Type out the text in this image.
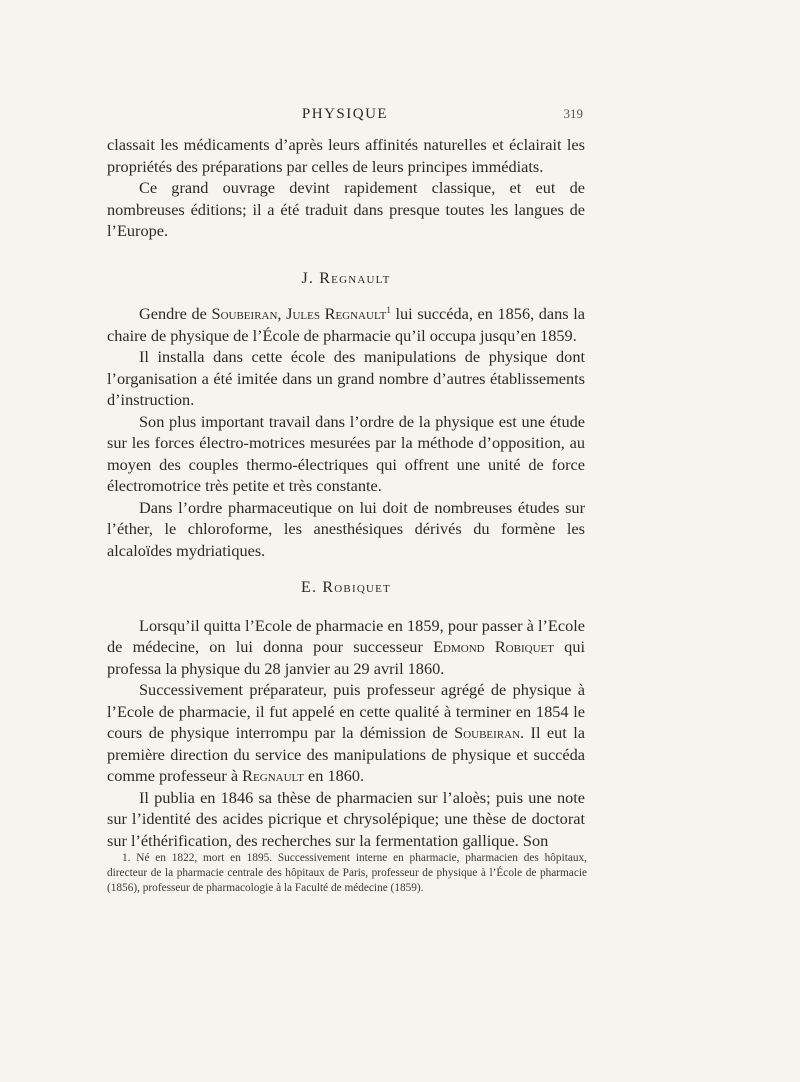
PHYSIQUE	319

classait les médicaments d’après leurs affinités naturelles et éclairait les propriétés des préparations par celles de leurs principes immédiats.

Ce grand ouvrage devint rapidement classique, et eut de nombreuses éditions; il a été traduit dans presque toutes les langues de l’Europe.

J. Regnault

Gendre de Soubeiran, Jules Regnault$^1$ lui succéda, en 1856, dans la chaire de physique de l’École de pharmacie qu’il occupa jusqu’en 1859.

Il installa dans cette école des manipulations de physique dont l’organisation a été imitée dans un grand nombre d’autres établissements d’instruction.

Son plus important travail dans l’ordre de la physique est une étude sur les forces électro-motrices mesurées par la méthode d’opposition, au moyen des couples thermo-électriques qui offrent une unité de force électromotrice très petite et très constante.

Dans l’ordre pharmaceutique on lui doit de nombreuses études sur l’éther, le chloroforme, les anesthésiques dérivés du formène les alcaloïdes mydriatiques.

E. Robiquet

Lorsqu’il quitta l’Ecole de pharmacie en 1859, pour passer à l’Ecole de médecine, on lui donna pour successeur Edmond Robiquet qui professa la physique du 28 janvier au 29 avril 1860.

Successivement préparateur, puis professeur agrégé de physique à l’Ecole de pharmacie, il fut appelé en cette qualité à terminer en 1854 le cours de physique interrompu par la démission de Soubeiran. Il eut la première direction du service des manipulations de physique et succéda comme professeur à Regnault en 1860.

Il publia en 1846 sa thèse de pharmacien sur l’aloès; puis une note sur l’identité des acides picrique et chrysolépique; une thèse de doctorat sur l’éthérification, des recherches sur la fermentation gallique. Son

1. Né en 1822, mort en 1895. Successivement interne en pharmacie, pharmacien des hôpitaux, directeur de la pharmacie centrale des hôpitaux de Paris, professeur de physique à l’École de pharmacie (1856), professeur de pharmacologie à la Faculté de médecine (1859).
